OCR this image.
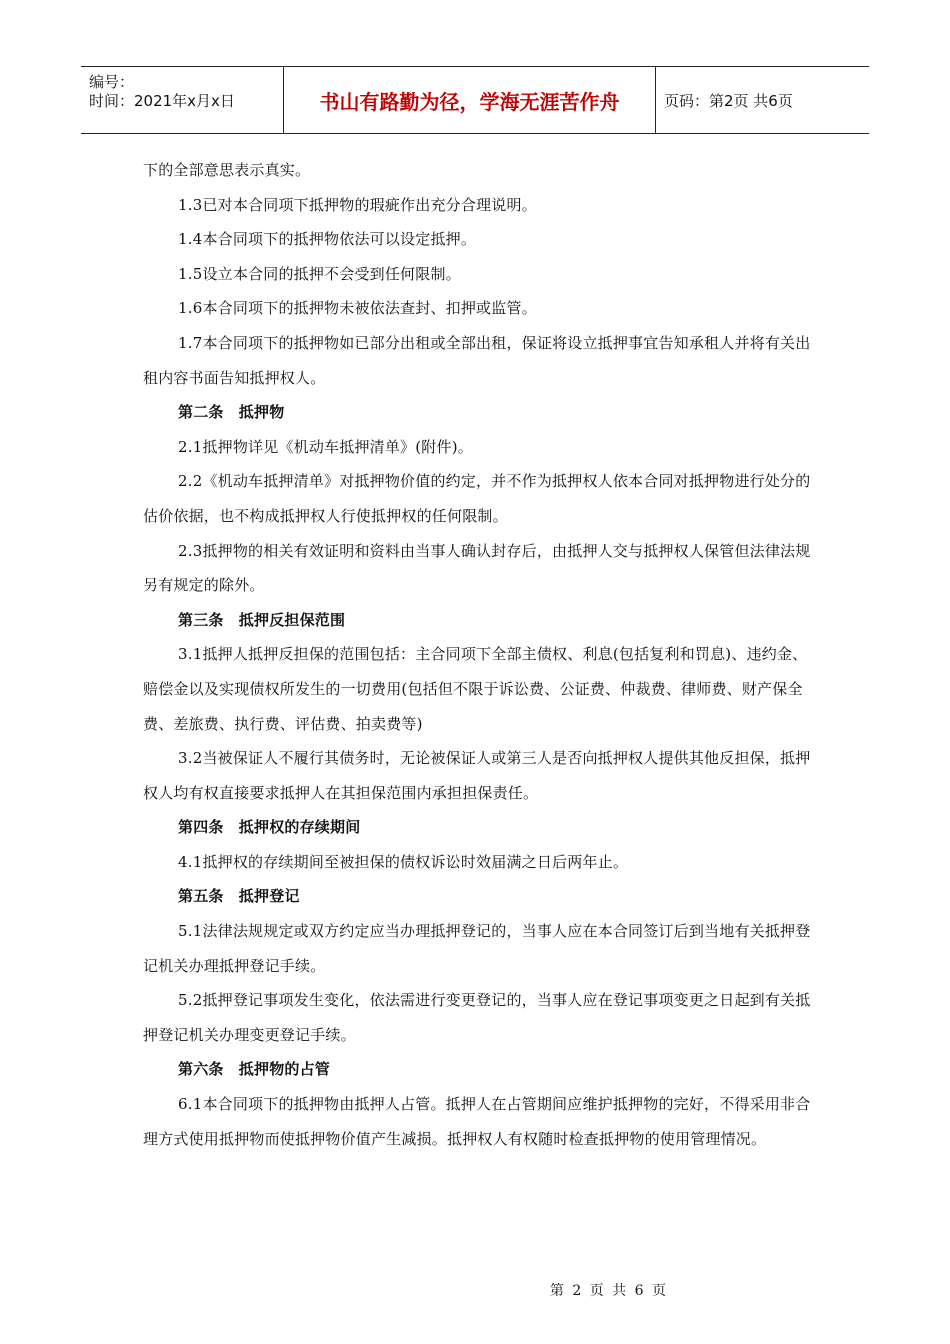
编号：
时间：2021年x月x日	书山有路勤为径，学海无涯苦作舟	页码：第2页 共6页

下的全部意思表示真实。

1.3已对本合同项下抵押物的瑕疵作出充分合理说明。

1.4本合同项下的抵押物依法可以设定抵押。

1.5设立本合同的抵押不会受到任何限制。

1.6本合同项下的抵押物未被依法查封、扣押或监管。

1.7本合同项下的抵押物如已部分出租或全部出租，保证将设立抵押事宜告知承租人并将有关出租内容书面告知抵押权人。

第二条　抵押物

2.1抵押物详见《机动车抵押清单》(附件)。

2.2《机动车抵押清单》对抵押物价值的约定，并不作为抵押权人依本合同对抵押物进行处分的估价依据，也不构成抵押权人行使抵押权的任何限制。

2.3抵押物的相关有效证明和资料由当事人确认封存后，由抵押人交与抵押权人保管但法律法规另有规定的除外。

第三条　抵押反担保范围

3.1抵押人抵押反担保的范围包括：主合同项下全部主债权、利息(包括复利和罚息)、违约金、赔偿金以及实现债权所发生的一切费用(包括但不限于诉讼费、公证费、仲裁费、律师费、财产保全费、差旅费、执行费、评估费、拍卖费等)

3.2当被保证人不履行其债务时，无论被保证人或第三人是否向抵押权人提供其他反担保，抵押权人均有权直接要求抵押人在其担保范围内承担担保责任。

第四条　抵押权的存续期间

4.1抵押权的存续期间至被担保的债权诉讼时效届满之日后两年止。

第五条　抵押登记

5.1法律法规规定或双方约定应当办理抵押登记的，当事人应在本合同签订后到当地有关抵押登记机关办理抵押登记手续。

5.2抵押登记事项发生变化，依法需进行变更登记的，当事人应在登记事项变更之日起到有关抵押登记机关办理变更登记手续。

第六条　抵押物的占管

6.1本合同项下的抵押物由抵押人占管。抵押人在占管期间应维护抵押物的完好，不得采用非合理方式使用抵押物而使抵押物价值产生减损。抵押权人有权随时检查抵押物的使用管理情况。

第 2 页 共 6 页
